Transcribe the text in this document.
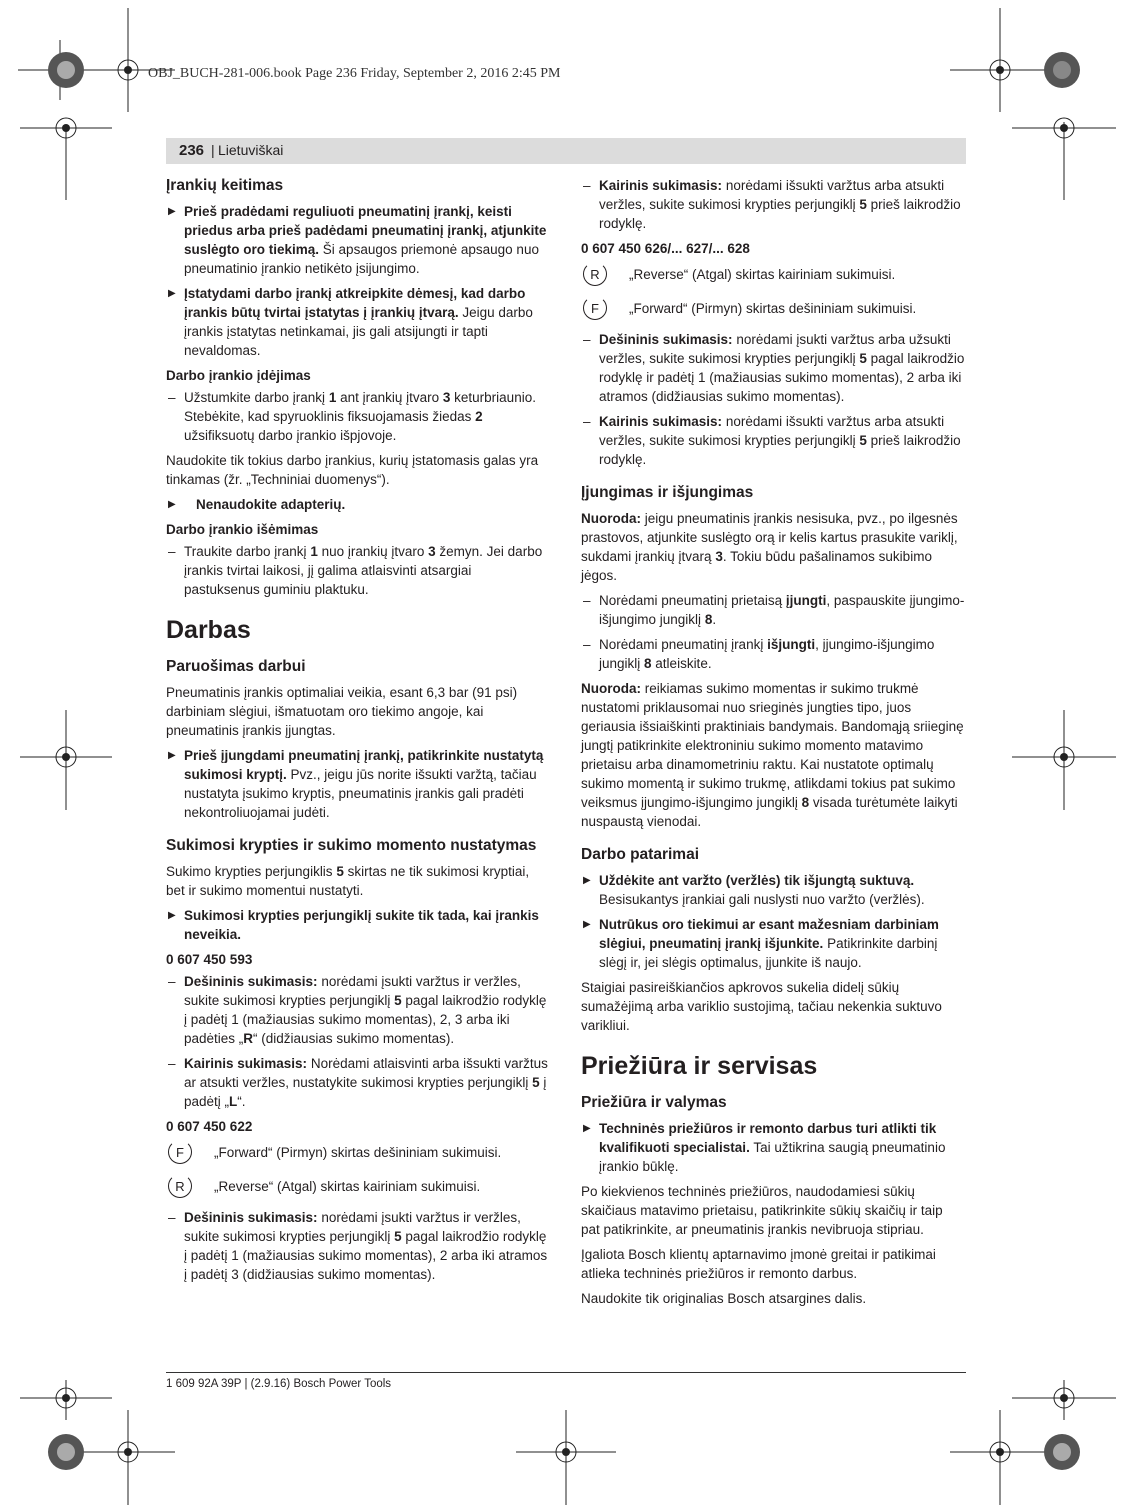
OBJ_BUCH-281-006.book Page 236 Friday, September 2, 2016 2:45 PM
236 | Lietuviškai
Įrankių keitimas
▶ Prieš pradėdami reguliuoti pneumatinį įrankį, keisti priedus arba prieš padėdami pneumatinį įrankį, atjunkite suslėgto oro tiekimą. Ši apsaugos priemonė apsaugo nuo pneumatinio įrankio netikėto įsijungimo.
▶ Įstatydami darbo įrankį atkreipkite dėmesį, kad darbo įrankis būtų tvirtai įstatytas į įrankių įtvarą. Jeigu darbo įrankis įstatytas netinkamai, jis gali atsijungti ir tapti nevaldomas.
Darbo įrankio įdėjimas
– Užstumkite darbo įrankį 1 ant įrankių įtvaro 3 keturbriaunio. Stebėkite, kad spyruoklinis fiksuojamasis žiedas 2 užsifiksuotų darbo įrankio išpjovoje.

Naudokite tik tokius darbo įrankius, kurių įstatomasis galas yra tinkamas (žr. „Techniniai duomenys“).

▶ Nenaudokite adapterių.
Darbo įrankio išėmimas
– Traukite darbo įrankį 1 nuo įrankių įtvaro 3 žemyn. Jei darbo įrankis tvirtai laikosi, jį galima atlaisvinti atsargiai pastuksenus guminiu plaktuku.
Darbas
Paruošimas darbui

Pneumatinis įrankis optimaliai veikia, esant 6,3 bar (91 psi) darbiniam slėgiui, išmatuotam oro tiekimo angoje, kai pneumatinis įrankis įjungtas.

▶ Prieš įjungdami pneumatinį įrankį, patikrinkite nustatytą sukimosi kryptį. Pvz., jeigu jūs norite išsukti varžtą, tačiau nustatyta įsukimo kryptis, pneumatinis įrankis gali pradėti nekontroliuojamai judėti.
Sukimosi krypties ir sukimo momento nustatymas

Sukimo krypties perjungiklis 5 skirtas ne tik sukimosi kryptiai, bet ir sukimo momentui nustatyti.

▶ Sukimosi krypties perjungiklį sukite tik tada, kai įrankis neveikia.
0 607 450 593
– Dešininis sukimasis: norėdami įsukti varžtus ir veržles, sukite sukimosi krypties perjungiklį 5 pagal laikrodžio rodyklę į padėtį 1 (mažiausias sukimo momentas), 2, 3 arba iki padėties „R“ (didžiausias sukimo momentas).
– Kairinis sukimasis: Norėdami atlaisvinti arba išsukti varžtus ar atsukti veržles, nustatykite sukimosi krypties perjungiklį 5 į padėtį „L“.
0 607 450 622
F	„Forward“ (Pirmyn) skirtas dešininiam sukimuisi.
R	„Reverse“ (Atgal) skirtas kairiniam sukimuisi.
– Dešininis sukimasis: norėdami įsukti varžtus ir veržles, sukite sukimosi krypties perjungiklį 5 pagal laikrodžio rodyklę į padėtį 1 (mažiausias sukimo momentas), 2 arba iki atramos į padėtį 3 (didžiausias sukimo momentas).
– Kairinis sukimasis: norėdami išsukti varžtus arba atsukti veržles, sukite sukimosi krypties perjungiklį 5 prieš laikrodžio rodyklę.
0 607 450 626/... 627/... 628
R	„Reverse“ (Atgal) skirtas kairiniam sukimuisi.
F	„Forward“ (Pirmyn) skirtas dešininiam sukimuisi.
– Dešininis sukimasis: norėdami įsukti varžtus arba užsukti veržles, sukite sukimosi krypties perjungiklį 5 pagal laikrodžio rodyklę ir padėtį 1 (mažiausias sukimo momentas), 2 arba iki atramos (didžiausias sukimo momentas).
– Kairinis sukimasis: norėdami išsukti varžtus arba atsukti veržles, sukite sukimosi krypties perjungiklį 5 prieš laikrodžio rodyklę.
Įjungimas ir išjungimas

Nuoroda: jeigu pneumatinis įrankis nesisuka, pvz., po ilgesnės prastovos, atjunkite suslėgto orą ir kelis kartus prasukite variklį, sukdami įrankių įtvarą 3. Tokiu būdu pašalinamos sukibimo jėgos.

– Norėdami pneumatinį prietaisą įjungti, paspauskite įjungimo-išjungimo jungiklį 8.
– Norėdami pneumatinį įrankį išjungti, įjungimo-išjungimo jungiklį 8 atleiskite.

Nuoroda: reikiamas sukimo momentas ir sukimo trukmė nustatomi priklausomai nuo srieginės jungties tipo, juos geriausia išsiaiškinti praktiniais bandymais. Bandomąją sriieginę jungtį patikrinkite elektroniniu sukimo momento matavimo prietaisu arba dinamometriniu raktu. Kai nustatote optimalų sukimo momentą ir sukimo trukmę, atlikdami tokius pat sukimo veiksmus įjungimo-išjungimo jungiklį 8 visada turėtumėte laikyti nuspaustą vienodai.

Darbo patarimai
▶ Uždėkite ant varžto (veržlės) tik išjungtą suktuvą. Besisukantys įrankiai gali nuslysti nuo varžto (veržlės).
▶ Nutrūkus oro tiekimui ar esant mažesniam darbiniam slėgiui, pneumatinį įrankį išjunkite. Patikrinkite darbinį slėgį ir, jei slėgis optimalus, įjunkite iš naujo.

Staigiai pasireiškiančios apkrovos sukelia didelį sūkių sumažėjimą arba variklio sustojimą, tačiau nekenkia suktuvo varikliui.

Priežiūra ir servisas
Priežiūra ir valymas
▶ Techninės priežiūros ir remonto darbus turi atlikti tik kvalifikuoti specialistai. Tai užtikrina saugią pneumatinio įrankio būklę.

Po kiekvienos techninės priežiūros, naudodamiesi sūkių skaičiaus matavimo prietaisu, patikrinkite sūkių skaičių ir taip pat patikrinkite, ar pneumatinis įrankis nevibruoja stipriau.

Įgaliota Bosch klientų aptarnavimo įmonė greitai ir patikimai atlieka techninės priežiūros ir remonto darbus.

Naudokite tik originalias Bosch atsargines dalis.

1 609 92A 39P | (2.9.16) Bosch Power Tools
